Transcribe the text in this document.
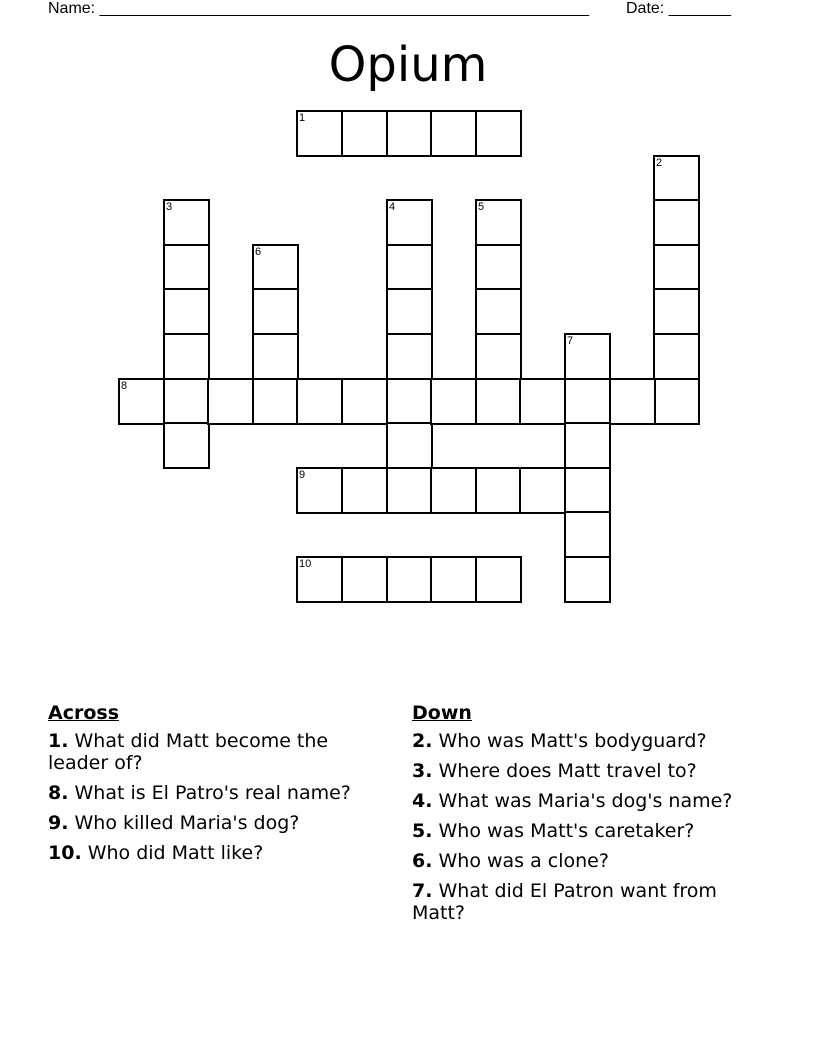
Name: _______________________________________________________ Date: _______
Opium
1
2
3	4	5
6
7
8
9
10
Across
1. What did Matt become the leader of?
8. What is El Patro's real name?
9. Who killed Maria's dog?
10. Who did Matt like?
Down
2. Who was Matt's bodyguard?
3. Where does Matt travel to?
4. What was Maria's dog's name?
5. Who was Matt's caretaker?
6. Who was a clone?
7. What did El Patron want from Matt?
